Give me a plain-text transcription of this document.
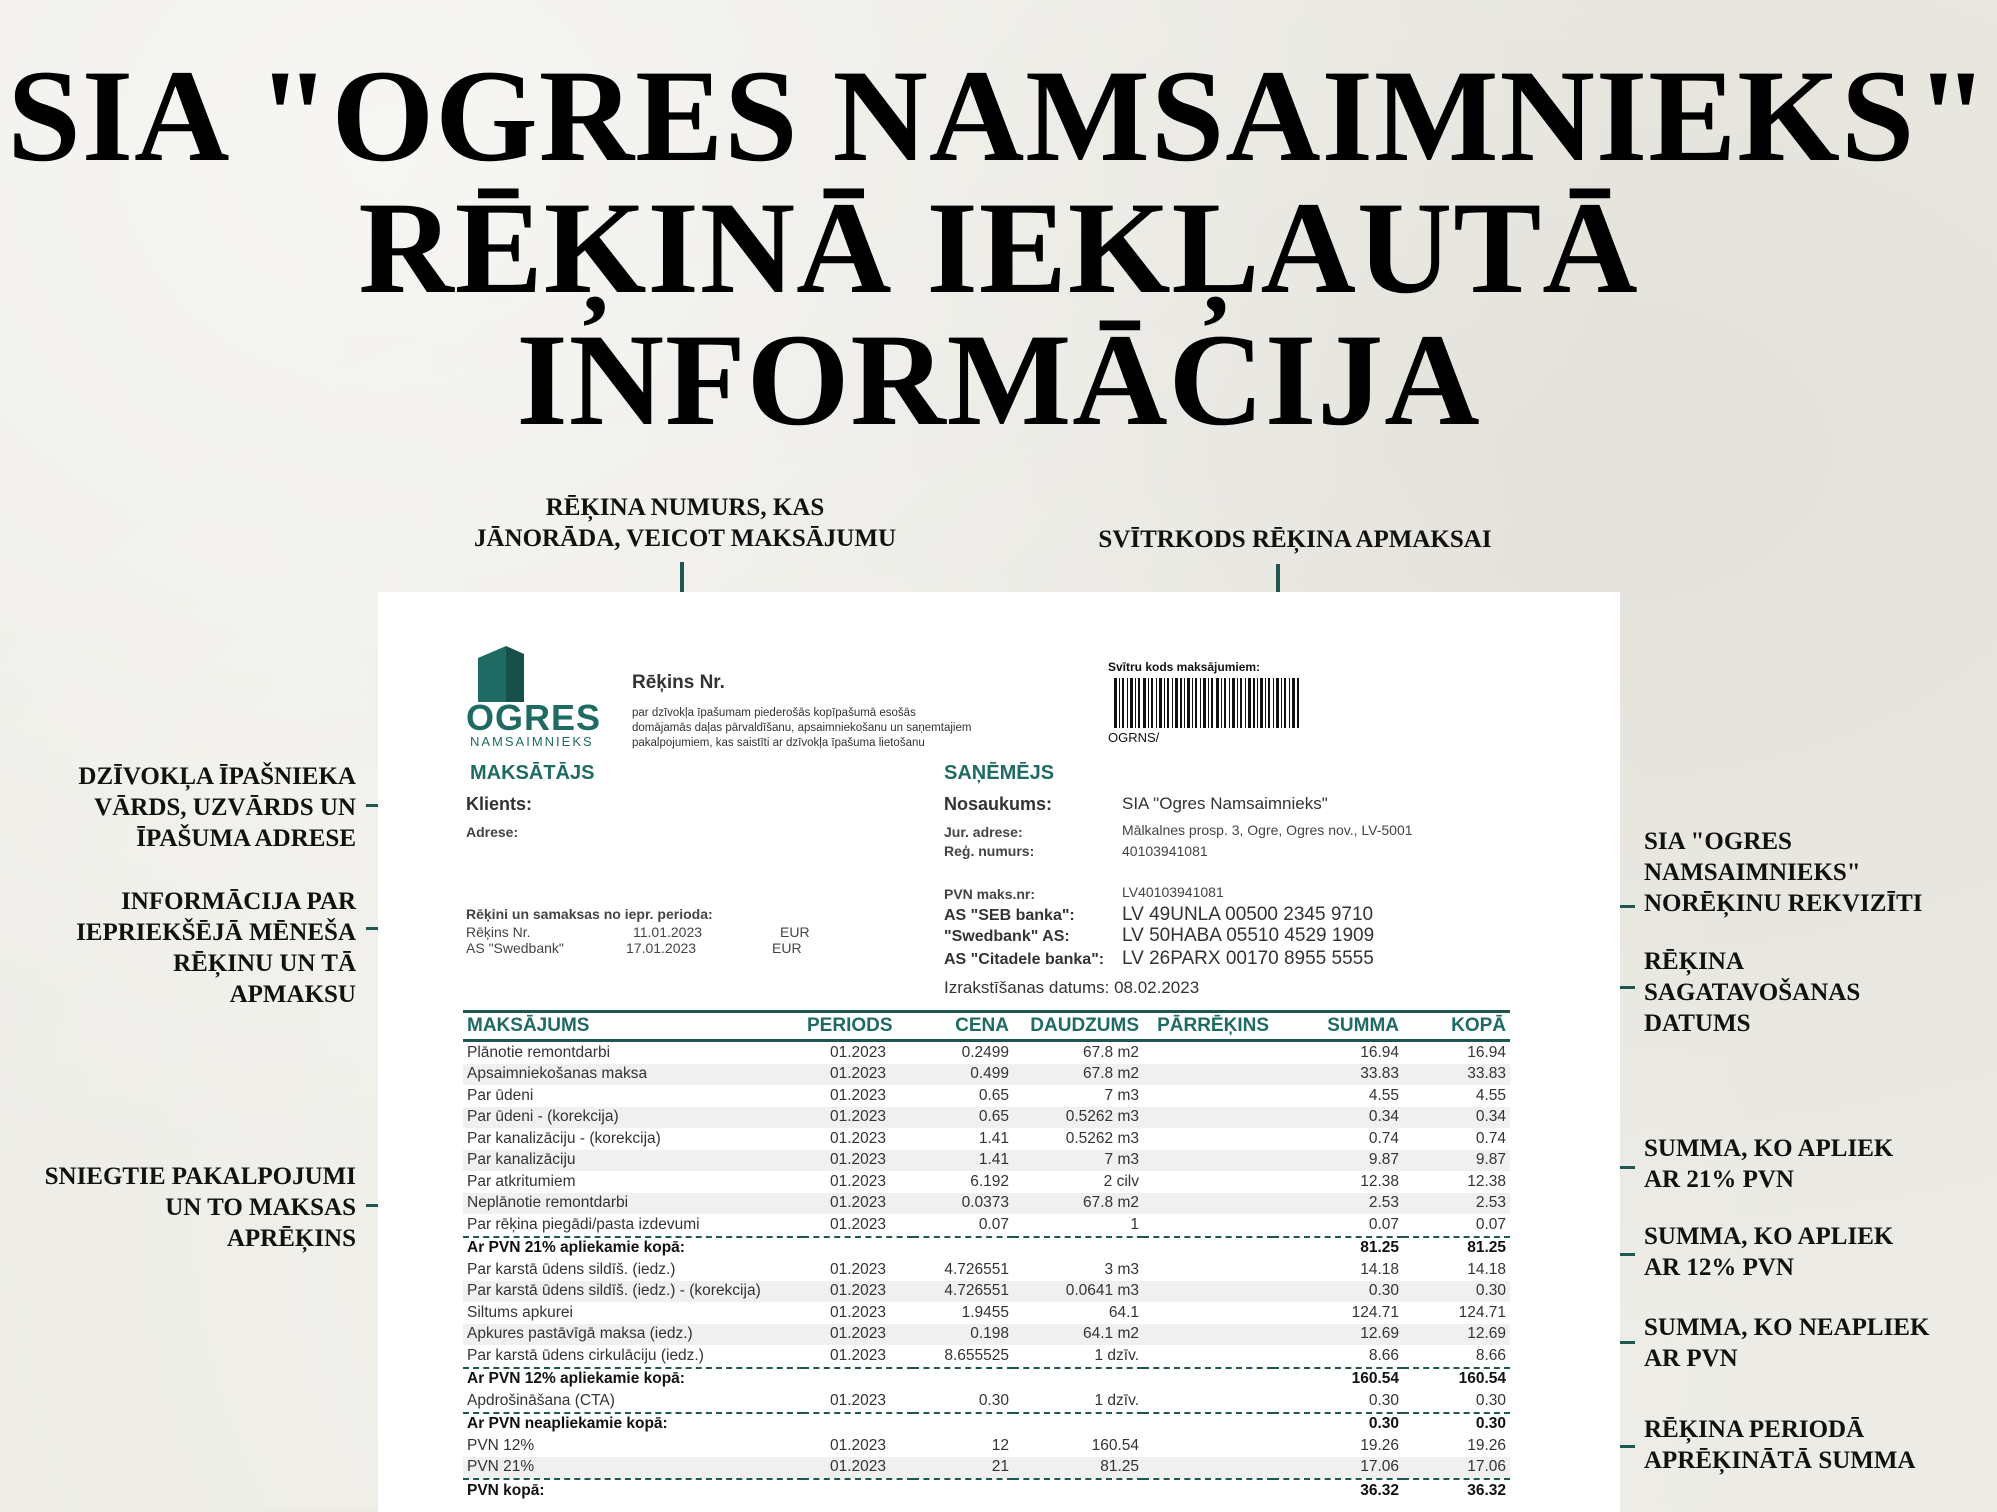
SIA "OGRES NAMSAIMNIEKS"
RĒĶINĀ IEKĻAUTĀ
INFORMĀCIJA
RĒĶINA NUMURS, KAS
JĀNORĀDA, VEICOT MAKSĀJUMU	SVĪTRKODS RĒĶINA APMAKSAI
DZĪVOKĻA ĪPAŠNIEKA
VĀRDS, UZVĀRDS UN
ĪPAŠUMA ADRESE
INFORMĀCIJA PAR
IEPRIEKŠĒJĀ MĒNEŠA
RĒĶINU UN TĀ
APMAKSU
SNIEGTIE PAKALPOJUMI
UN TO MAKSAS
APRĒĶINS
SIA "OGRES
NAMSAIMNIEKS"
NORĒĶINU REKVIZĪTI
RĒĶINA
SAGATAVOŠANAS
DATUMS
SUMMA, KO APLIEK
AR 21% PVN
SUMMA, KO APLIEK
AR 12% PVN
SUMMA, KO NEAPLIEK
AR PVN
RĒĶINA PERIODĀ
APRĒĶINĀTĀ SUMMA
OGRES
NAMSAIMNIEKS
Rēķins Nr.
par dzīvokļa īpašumam piederošās kopīpašumā esošās
domājamās daļas pārvaldīšanu, apsaimniekošanu un saņemtajiem
pakalpojumiem, kas saistīti ar dzīvokļa īpašuma lietošanu
Svītru kods maksājumiem:
OGRNS/
MAKSĀTĀJS
Klients:
Adrese:
Rēķini un samaksas no iepr. perioda:
Rēķins Nr.	11.01.2023	EUR
AS "Swedbank"	17.01.2023	EUR
SAŅĒMĒJS
Nosaukums:	SIA "Ogres Namsaimnieks"
Jur. adrese:	Mālkalnes prosp. 3, Ogre, Ogres nov., LV-5001
Reģ. numurs:	40103941081
PVN maks.nr:	LV40103941081
AS "SEB banka": LV 49UNLA 00500 2345 9710
"Swedbank" AS:	LV 50HABA 05510 4529 1909
AS "Citadele banka": LV 26PARX 00170 8955 5555
Izrakstīšanas datums: 08.02.2023
MAKSĀJUMS	PERIODS	CENA	DAUDZUMS	PĀRRĒĶINS	SUMMA	KOPĀ
Plānotie remontdarbi	01.2023	0.2499	67.8 m2		16.94	16.94
Apsaimniekošanas maksa	01.2023	0.499	67.8 m2		33.83	33.83
Par ūdeni	01.2023	0.65	7 m3		4.55	4.55
Par ūdeni - (korekcija)	01.2023	0.65	0.5262 m3		0.34	0.34
Par kanalizāciju - (korekcija)	01.2023	1.41	0.5262 m3		0.74	0.74
Par kanalizāciju	01.2023	1.41	7 m3		9.87	9.87
Par atkritumiem	01.2023	6.192	2 cilv		12.38	12.38
Neplānotie remontdarbi	01.2023	0.0373	67.8 m2		2.53	2.53
Par rēķina piegādi/pasta izdevumi	01.2023	0.07	1		0.07	0.07
Ar PVN 21% apliekamie kopā:					81.25	81.25
Par karstā ūdens sildīš. (iedz.)	01.2023	4.726551	3 m3		14.18	14.18
Par karstā ūdens sildīš. (iedz.) - (korekcija)	01.2023	4.726551	0.0641 m3		0.30	0.30
Siltums apkurei	01.2023	1.9455	64.1		124.71	124.71
Apkures pastāvīgā maksa (iedz.)	01.2023	0.198	64.1 m2		12.69	12.69
Par karstā ūdens cirkulāciju (iedz.)	01.2023	8.655525	1 dzīv.		8.66	8.66
Ar PVN 12% apliekamie kopā:					160.54	160.54
Apdrošināšana (CTA)	01.2023	0.30	1 dzīv.		0.30	0.30
Ar PVN neapliekamie kopā:					0.30	0.30
PVN 12%	01.2023	12	160.54		19.26	19.26
PVN 21%	01.2023	21	81.25		17.06	17.06
PVN kopā:					36.32	36.32
